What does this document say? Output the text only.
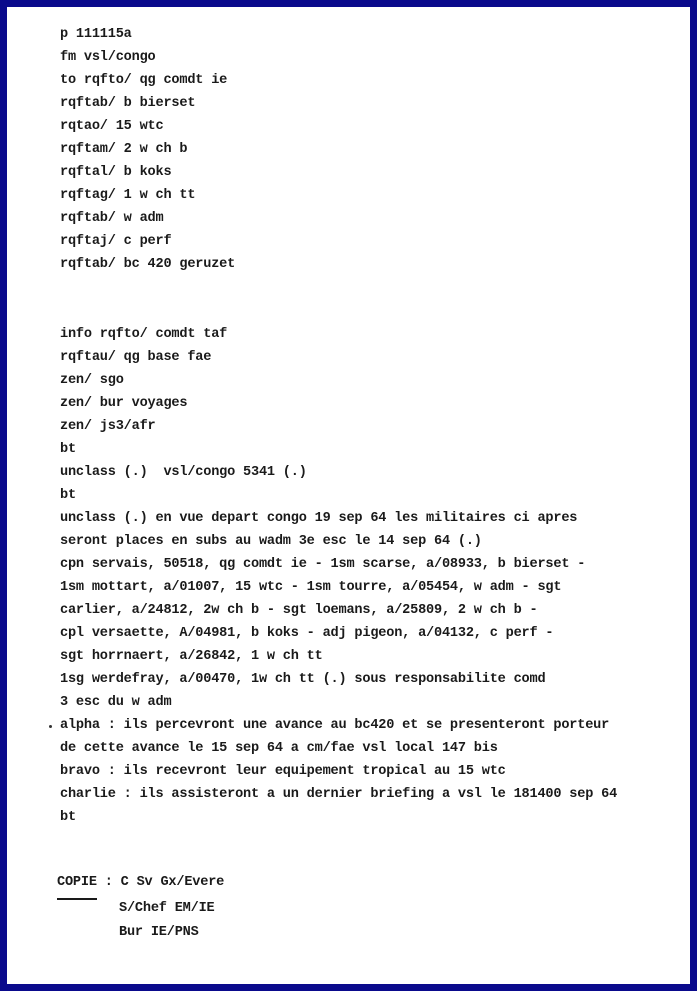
p 111115a
fm vsl/congo
to rqfto/ qg comdt ie
rqftab/ b bierset
rqtao/ 15 wtc
rqftam/ 2 w ch b
rqftal/ b koks
rqftag/ 1 w ch tt
rqftab/ w adm
rqftaj/ c perf
rqftab/ bc 420 geruzet
info rqfto/ comdt taf
rqftau/ qg base fae
zen/ sgo
zen/ bur voyages
zen/ js3/afr
bt
unclass (.)  vsl/congo 5341 (.)
bt
unclass (.) en vue depart congo 19 sep 64 les militaires ci apres
seront places en subs au wadm 3e esc le 14 sep 64 (.)
cpn servais, 50518, qg comdt ie - 1sm scarse, a/08933, b bierset -
1sm mottart, a/01007, 15 wtc - 1sm tourre, a/05454, w adm - sgt
carlier, a/24812, 2w ch b - sgt loemans, a/25809, 2 w ch b -
cpl versaette, A/04981, b koks - adj pigeon, a/04132, c perf -
sgt horrnaert, a/26842, 1 w ch tt
1sg werdefray, a/00470, 1w ch tt (.) sous responsabilite comd
3 esc du w adm
alpha : ils percevront une avance au bc420 et se presenteront porteur
de cette avance le 15 sep 64 a cm/fae vsl local 147 bis
bravo : ils recevront leur equipement tropical au 15 wtc
charlie : ils assisteront a un dernier briefing a vsl le 181400 sep 64
bt
COPIE : C Sv Gx/Evere
S/Chef EM/IE
Bur IE/PNS
